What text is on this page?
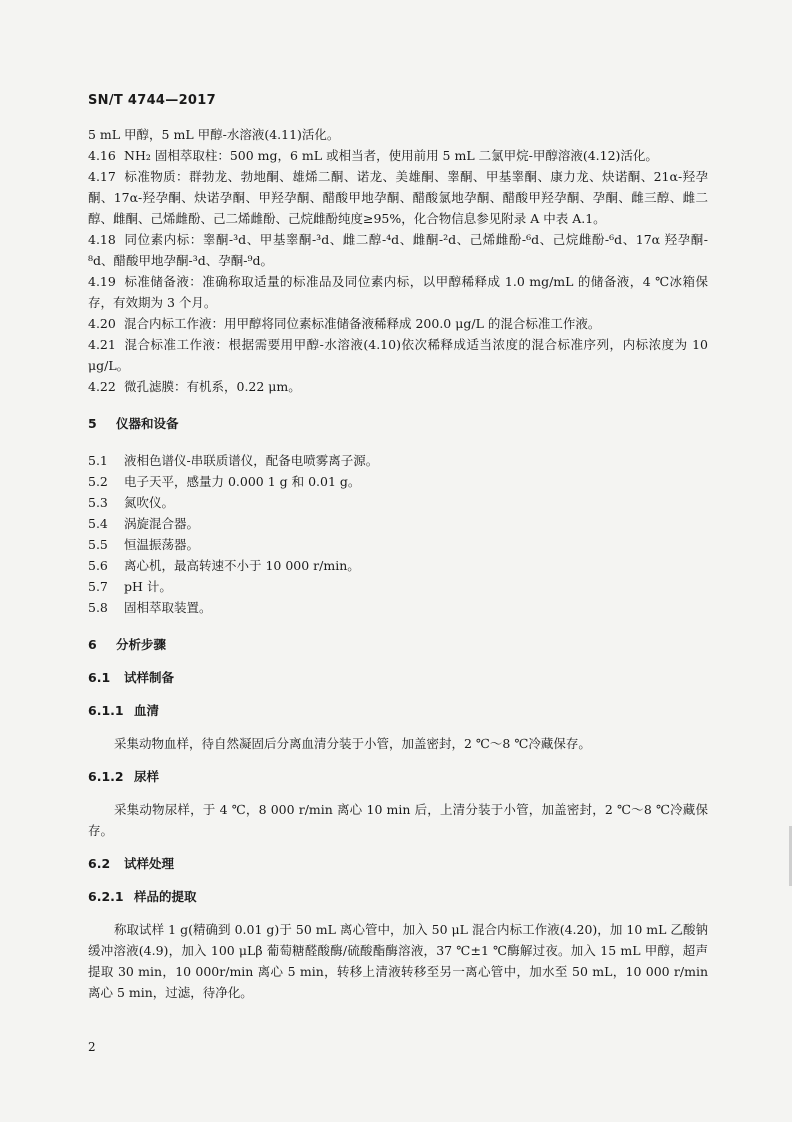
SN/T 4744—2017

5 mL 甲醇，5 mL 甲醇-水溶液(4.11)活化。

4.16 NH₂ 固相萃取柱：500 mg，6 mL 或相当者，使用前用 5 mL 二氯甲烷-甲醇溶液(4.12)活化。

4.17 标准物质：群勃龙、勃地酮、雄烯二酮、诺龙、美雄酮、睾酮、甲基睾酮、康力龙、炔诺酮、21α-羟孕酮、17α-羟孕酮、炔诺孕酮、甲羟孕酮、醋酸甲地孕酮、醋酸氯地孕酮、醋酸甲羟孕酮、孕酮、雌三醇、雌二醇、雌酮、己烯雌酚、己二烯雌酚、己烷雌酚纯度≥95%，化合物信息参见附录 A 中表 A.1。

4.18 同位素内标：睾酮-³d、甲基睾酮-³d、雌二醇-⁴d、雌酮-²d、己烯雌酚-⁶d、己烷雌酚-⁶d、17α 羟孕酮-⁸d、醋酸甲地孕酮-³d、孕酮-⁹d。

4.19 标准储备液：准确称取适量的标准品及同位素内标，以甲醇稀释成 1.0 mg/mL 的储备液，4 ℃冰箱保存，有效期为 3 个月。

4.20 混合内标工作液：用甲醇将同位素标准储备液稀释成 200.0 μg/L 的混合标准工作液。

4.21 混合标准工作液：根据需要用甲醇-水溶液(4.10)依次稀释成适当浓度的混合标准序列，内标浓度为 10 μg/L。

4.22 微孔滤膜：有机系，0.22 μm。

5 仪器和设备

5.1 液相色谱仪-串联质谱仪，配备电喷雾离子源。

5.2 电子天平，感量力 0.000 1 g 和 0.01 g。

5.3 氮吹仪。

5.4 涡旋混合器。

5.5 恒温振荡器。

5.6 离心机，最高转速不小于 10 000 r/min。

5.7 pH 计。

5.8 固相萃取装置。

6 分析步骤

6.1 试样制备

6.1.1 血清

采集动物血样，待自然凝固后分离血清分装于小管，加盖密封，2 ℃～8 ℃冷藏保存。

6.1.2 尿样

采集动物尿样，于 4 ℃，8 000 r/min 离心 10 min 后，上清分装于小管，加盖密封，2 ℃～8 ℃冷藏保存。

6.2 试样处理

6.2.1 样品的提取

称取试样 1 g(精确到 0.01 g)于 50 mL 离心管中，加入 50 μL 混合内标工作液(4.20)，加 10 mL 乙酸钠缓冲溶液(4.9)，加入 100 μLβ 葡萄糖醛酸酶/硫酸酯酶溶液，37 ℃±1 ℃酶解过夜。加入 15 mL 甲醇，超声提取 30 min，10 000r/min 离心 5 min，转移上清液转移至另一离心管中，加水至 50 mL，10 000 r/min 离心 5 min，过滤，待净化。

2
